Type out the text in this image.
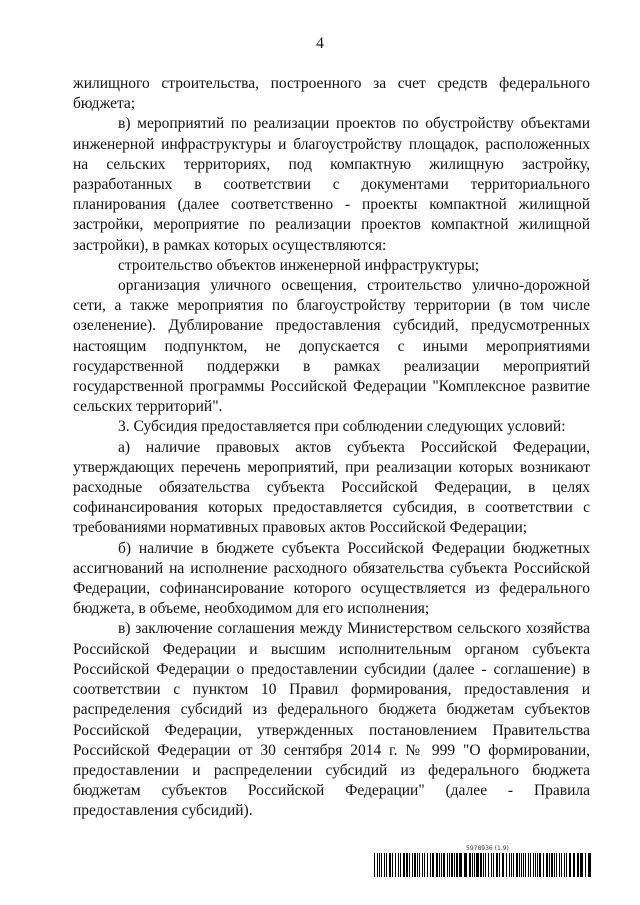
4

жилищного строительства, построенного за счет средств федерального бюджета;

в) мероприятий по реализации проектов по обустройству объектами инженерной инфраструктуры и благоустройству площадок, расположенных на сельских территориях, под компактную жилищную застройку, разработанных в соответствии с документами территориального планирования (далее соответственно - проекты компактной жилищной застройки, мероприятие по реализации проектов компактной жилищной застройки), в рамках которых осуществляются:

строительство объектов инженерной инфраструктуры;

организация уличного освещения, строительство улично-дорожной сети, а также мероприятия по благоустройству территории (в том числе озеленение). Дублирование предоставления субсидий, предусмотренных настоящим подпунктом, не допускается с иными мероприятиями государственной поддержки в рамках реализации мероприятий государственной программы Российской Федерации "Комплексное развитие сельских территорий".

3. Субсидия предоставляется при соблюдении следующих условий:

а) наличие правовых актов субъекта Российской Федерации, утверждающих перечень мероприятий, при реализации которых возникают расходные обязательства субъекта Российской Федерации, в целях софинансирования которых предоставляется субсидия, в соответствии с требованиями нормативных правовых актов Российской Федерации;

б) наличие в бюджете субъекта Российской Федерации бюджетных ассигнований на исполнение расходного обязательства субъекта Российской Федерации, софинансирование которого осуществляется из федерального бюджета, в объеме, необходимом для его исполнения;

в) заключение соглашения между Министерством сельского хозяйства Российской Федерации и высшим исполнительным органом субъекта Российской Федерации о предоставлении субсидии (далее - соглашение) в соответствии с пунктом 10 Правил формирования, предоставления и распределения субсидий из федерального бюджета бюджетам субъектов Российской Федерации, утвержденных постановлением Правительства Российской Федерации от 30 сентября 2014 г. № 999 "О формировании, предоставлении и распределении субсидий из федерального бюджета бюджетам субъектов Российской Федерации" (далее - Правила предоставления субсидий).

5978936 (1.9)
